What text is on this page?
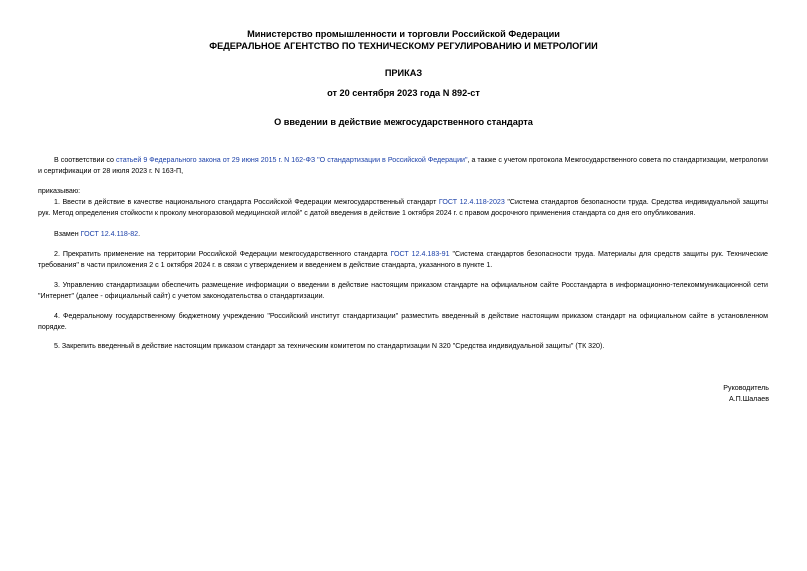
Министерство промышленности и торговли Российской Федерации
ФЕДЕРАЛЬНОЕ АГЕНТСТВО ПО ТЕХНИЧЕСКОМУ РЕГУЛИРОВАНИЮ И МЕТРОЛОГИИ
ПРИКАЗ
от 20 сентября 2023 года N 892-ст
О введении в действие межгосударственного стандарта
В соответствии со статьей 9 Федерального закона от 29 июня 2015 г. N 162-ФЗ "О стандартизации в Российской Федерации", а также с учетом протокола Межгосударственного совета по стандартизации, метрологии и сертификации от 28 июля 2023 г. N 163-П,
приказываю:
1. Ввести в действие в качестве национального стандарта Российской Федерации межгосударственный стандарт ГОСТ 12.4.118-2023 "Система стандартов безопасности труда. Средства индивидуальной защиты рук. Метод определения стойкости к проколу многоразовой медицинской иглой" с датой введения в действие 1 октября 2024 г. с правом досрочного применения стандарта со дня его опубликования.
Взамен ГОСТ 12.4.118-82.
2. Прекратить применение на территории Российской Федерации межгосударственного стандарта ГОСТ 12.4.183-91 "Система стандартов безопасности труда. Материалы для средств защиты рук. Технические требования" в части приложения 2 с 1 октября 2024 г. в связи с утверждением и введением в действие стандарта, указанного в пункте 1.
3. Управлению стандартизации обеспечить размещение информации о введении в действие настоящим приказом стандарте на официальном сайте Росстандарта в информационно-телекоммуникационной сети "Интернет" (далее - официальный сайт) с учетом законодательства о стандартизации.
4. Федеральному государственному бюджетному учреждению "Российский институт стандартизации" разместить введенный в действие настоящим приказом стандарт на официальном сайте в установленном порядке.
5. Закрепить введенный в действие настоящим приказом стандарт за техническим комитетом по стандартизации N 320 "Средства индивидуальной защиты" (ТК 320).
Руководитель
А.П.Шалаев
